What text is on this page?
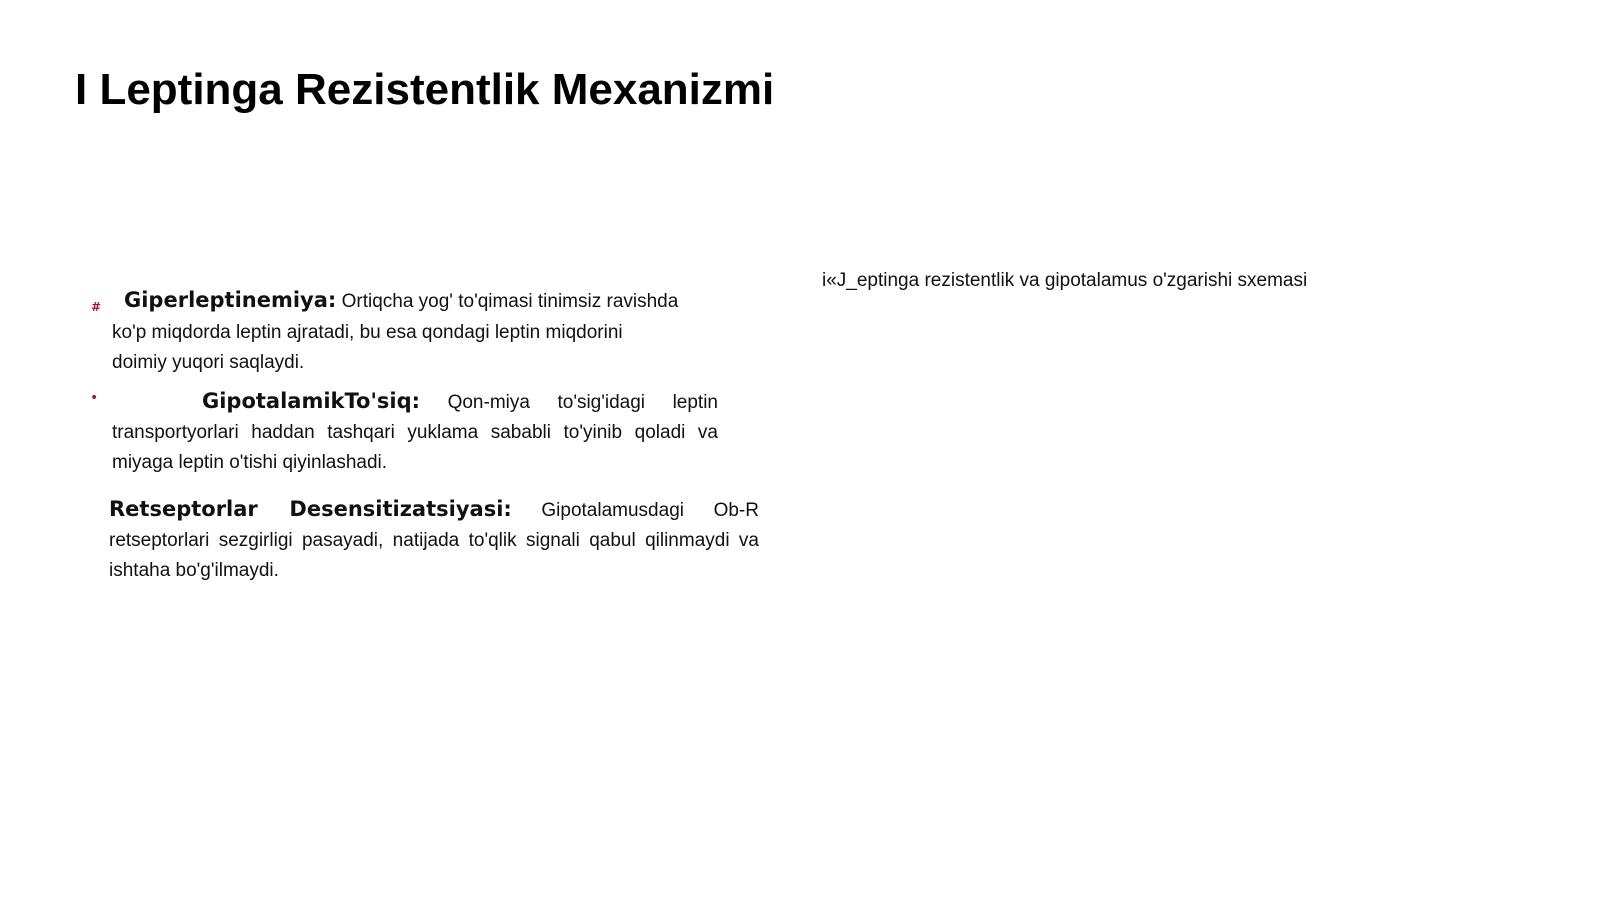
I Leptinga Rezistentlik Mexanizmi
#	Giperleptinemiya: Ortiqcha yog' to'qimasi tinimsiz ravishda
ko'p miqdorda leptin ajratadi, bu esa qondagi leptin miqdorini
doimiy yuqori saqlaydi.
•	GipotalamikTo'siq: Qon-miya to'sig'idagi leptin transportyorlari haddan tashqari yuklama sababli to'yinib qoladi va miyaga leptin o'tishi qiyinlashadi.

Retseptorlar Desensitizatsiyasi: Gipotalamusdagi Ob-R retseptorlari sezgirligi pasayadi, natijada to'qlik signali qabul qilinmaydi va ishtaha bo'g'ilmaydi.

i«J_eptinga rezistentlik va gipotalamus o'zgarishi sxemasi
